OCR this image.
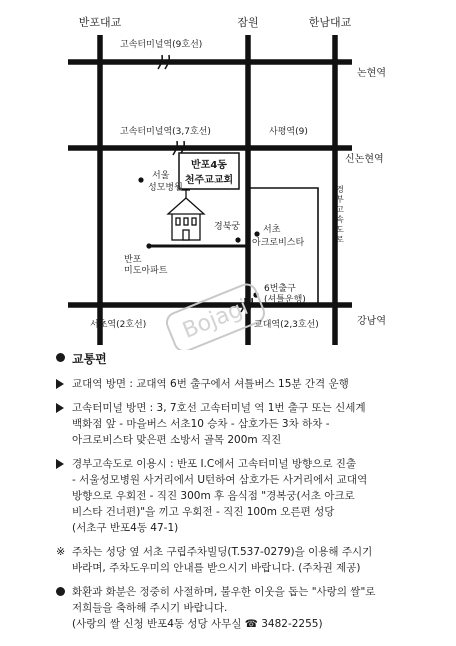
Bojagi
반포대교	잠원	한남대교
고속터미널역(9호선)
논현역
고속터미널역(3,7호선)	사평역(9)
신논현역
반포4동
천주교교회
서울
성모병원	경부고속도로
경북궁	서초
아크로비스타
반포
미도아파트
6번출구
(셔틀운행)
서초역(2호선)	교대역(2,3호선)	강남역
교통편
교대역 방면 : 교대역 6번 출구에서 셔틀버스 15분 간격 운행
고속터미널 방면 : 3, 7호선 고속터미널 역 1번 출구 또는 신세계
백화점 앞 - 마을버스 서초10 승차 - 삼호가든 3차 하차 -
아크로비스타 맞은편 소방서 골목 200m 직진
경부고속도로 이용시 : 반포 I.C에서 고속터미널 방향으로 진출
- 서울성모병원 사거리에서 U턴하여 삼호가든 사거리에서 교대역
방향으로 우회전 - 직진 300m 후 음식점 "경복궁(서초 아크로
비스타 건너편)"을 끼고 우회전 - 직진 100m 오른편 성당
(서초구 반포4동 47-1)
※ 주차는 성당 옆 서초 구립주차빌딩(T.537-0279)을 이용해 주시기
바라며, 주차도우미의 안내를 받으시기 바랍니다. (주차권 제공)
화환과 화분은 정중히 사절하며, 불우한 이웃을 돕는 "사랑의 쌀"로
저희들을 축하해 주시기 바랍니다.
(사랑의 쌀 신청 반포4동 성당 사무실 ☎ 3482-2255)
